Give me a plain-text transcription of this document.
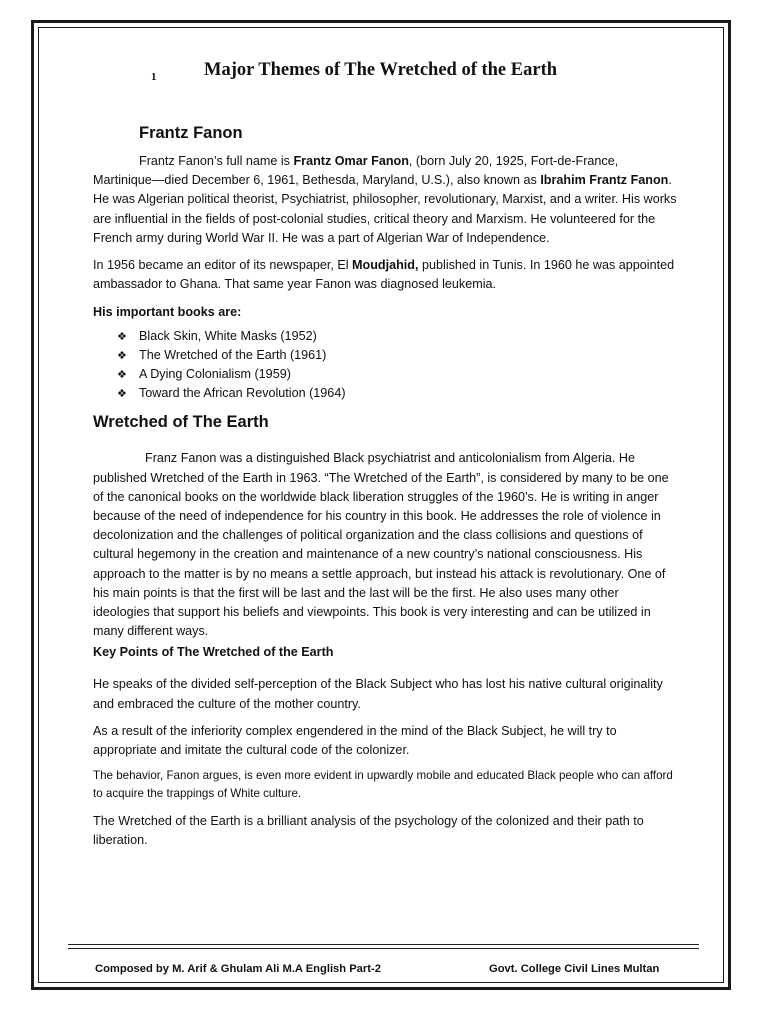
1	Major Themes of The Wretched of the Earth
Frantz Fanon

Frantz Fanon’s full name is Frantz Omar Fanon, (born July 20, 1925, Fort-de-France, Martinique—died December 6, 1961, Bethesda, Maryland, U.S.), also known as Ibrahim Frantz Fanon. He was Algerian political theorist, Psychiatrist, philosopher, revolutionary, Marxist, and a writer. His works are influential in the fields of post-colonial studies, critical theory and Marxism. He volunteered for the French army during World War II. He was a part of Algerian War of Independence.

In 1956 became an editor of its newspaper, El Moudjahid, published in Tunis. In 1960 he was appointed ambassador to Ghana. That same year Fanon was diagnosed leukemia.

His important books are:

❖ Black Skin, White Masks (1952)
❖ The Wretched of the Earth (1961)
❖ A Dying Colonialism (1959)
❖ Toward the African Revolution (1964)
Wretched of The Earth

Franz Fanon was a distinguished Black psychiatrist and anticolonialism from Algeria. He published Wretched of the Earth in 1963. “The Wretched of the Earth”, is considered by many to be one of the canonical books on the worldwide black liberation struggles of the 1960’s. He is writing in anger because of the need of independence for his country in this book. He addresses the role of violence in decolonization and the challenges of political organization and the class collisions and questions of cultural hegemony in the creation and maintenance of a new country’s national consciousness. His approach to the matter is by no means a settle approach, but instead his attack is revolutionary. One of his main points is that the first will be last and the last will be the first. He also uses many other ideologies that support his beliefs and viewpoints. This book is very interesting and can be utilized in many different ways.

Key Points of The Wretched of the Earth

He speaks of the divided self-perception of the Black Subject who has lost his native cultural originality and embraced the culture of the mother country.

As a result of the inferiority complex engendered in the mind of the Black Subject, he will try to appropriate and imitate the cultural code of the colonizer.

The behavior, Fanon argues, is even more evident in upwardly mobile and educated Black people who can afford to acquire the trappings of White culture.

The Wretched of the Earth is a brilliant analysis of the psychology of the colonized and their path to liberation.

Composed by M. Arif & Ghulam Ali M.A English Part-2	Govt. College Civil Lines Multan
